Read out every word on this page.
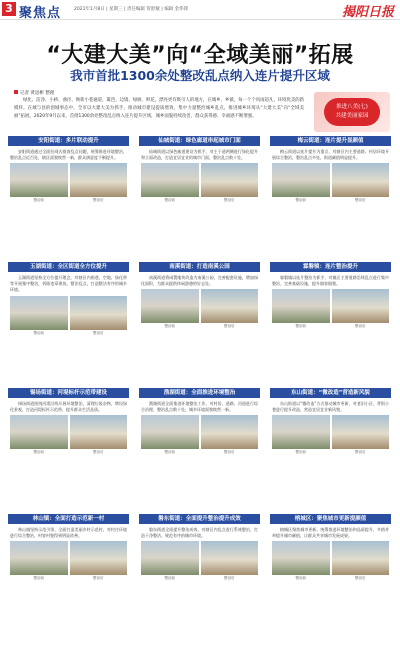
3 聚焦点	2021年1月8日 | 星期三 | 责任编辑 管舒敏 | 编辑 金伟锋	揭阳日报
“大建大美”向“全域美丽”拓展
我市首批1300余处整改乱点纳入连片提升区域
记者 黄思彬 整理
绿化、洁净、小桥、曲径、焕新小巷通道、篱笆、边墙、绿树、鲜花，漂亮更有吸引人的地方，在城乡、乡镇，每一个个风雨超凡、环境优美的新模样。在城与县的创城事态中，全市以大建大美为抓手，推动城市建设提质增效，集中力量整治城乡乱点，推进城乡环境从“大建大美”向“全域美丽”拓展。2020年9月以来，首批1300余处整改乱点纳入连片提升区域，城乡面貌持续改善，群众获得感、幸福感不断增强。
推进八美(七)
共建美丽家园
安阳街道：多片联动提升
安阳街道通过全面拉网式排查乱点问题，统筹推进环境整治，整治乱点近百处，辖区面貌焕然一新，群众满意度不断提升。
整治前	整治后
仙城街道：绿色廊道串起城市门面
仙城街道以绿色廊道建设为抓手，对主干道两侧进行绿化提升和立面改造，打造宜居宜业的城市门面，整治乱点数十处。
整治前	整治后
梅云街道：连片提升显颜值
梅云街道以连片提升为重点，对辖区内主要道路、村居环境开展综合整治，整治乱点多处，街道颜值明显提升。
整治前	整治后
玉湖街道：全区街道全方位提升
玉湖街道坚持全方位提升理念，对辖区内街巷、空地、绿化带等开展集中整治，拆除违章建筑，整治乱点，打造整洁有序的城乡环境。
整治前	整治后
南溪街道：打造南溪公园
南溪街道将闲置地块改造为南溪公园，完善配套设施，增加绿化面积，为群众提供休闲游憩的好去处。
整治前	整治后
霖磐镇：连片整治提升
霖磐镇以连片整治为抓手，对镇区主要道路沿线乱点进行集中整治，完善基础设施，提升镇容镇貌。
整治前	整治后
锡场街道：河堤标杆示范带建设
锡场街道围绕河堤沿线开展环境整治，清理垃圾杂物，增设绿化景观，打造河堤标杆示范带，提升群众生活品质。
整治前	整治后
渔湖街道：全面推进环境整治
渔湖街道全面推进环境整治工作，对村居、道路、河道进行综合治理，整治乱点数十处，城乡环境面貌焕然一新。
整治前	整治后
东山街道：“微改造”营造新风貌
东山街道以“微改造”方式推动城市更新，对老旧小区、背街小巷进行提升改造，营造宜居宜业新风貌。
整治前	整治后
林山镇：全面打造示范新一村
林山镇坚持示范引领，全面打造美丽乡村示范村，对村庄环境进行综合整治，村容村貌得到明显改善。
整治前	整治后
磐东街道：全面提升整治提升成效
磐东街道全面提升整治成效，对辖区内乱点进行系统整治，打造干净整洁、规范有序的城市环境。
整治前	整治后
榕城区：聚焦城市更新提颜值
榕城区聚焦城市更新，统筹推进环境整治和品质提升，多措并举提升城市颜值，让群众共享城市发展成果。
整治前	整治后
